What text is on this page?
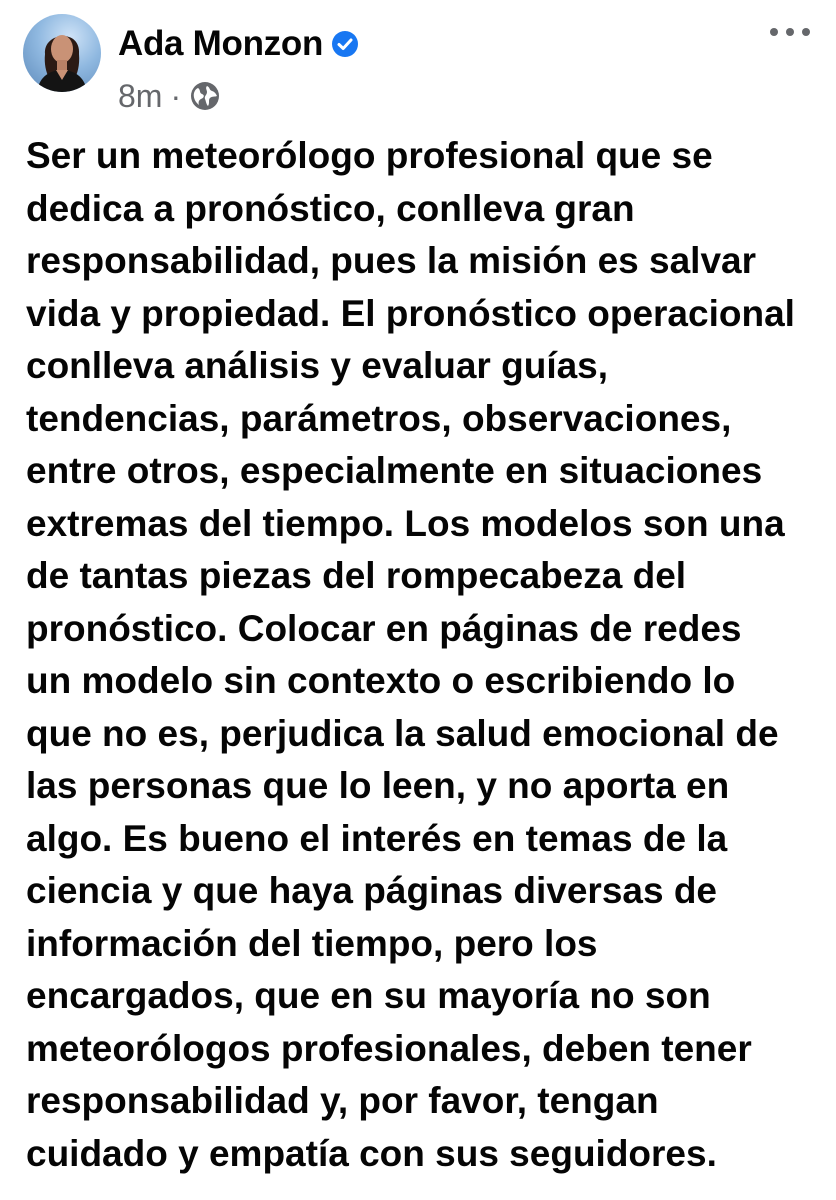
Ada Monzon
8m ·
Ser un meteorólogo profesional que se
dedica a pronóstico, conlleva gran
responsabilidad, pues la misión es salvar
vida y propiedad. El pronóstico operacional
conlleva análisis y evaluar guías,
tendencias, parámetros, observaciones,
entre otros, especialmente en situaciones
extremas del tiempo. Los modelos son una
de tantas piezas del rompecabeza del
pronóstico. Colocar en páginas de redes
un modelo sin contexto o escribiendo lo
que no es, perjudica la salud emocional de
las personas que lo leen, y no aporta en
algo. Es bueno el interés en temas de la
ciencia y que haya páginas diversas de
información del tiempo, pero los
encargados, que en su mayoría no son
meteorólogos profesionales, deben tener
responsabilidad y, por favor, tengan
cuidado y empatía con sus seguidores.
